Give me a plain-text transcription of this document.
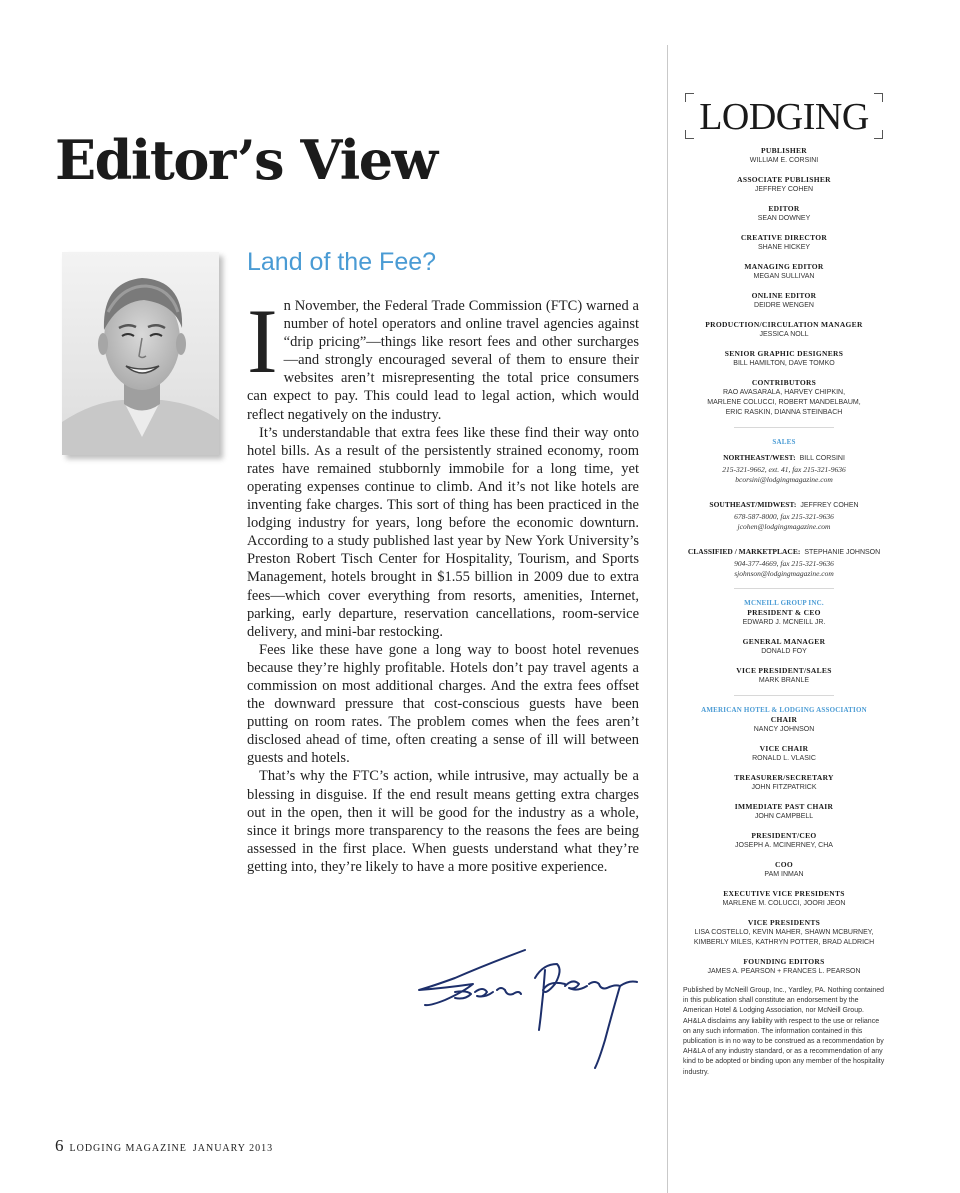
Editor’s View
Land of the Fee?

I n November, the Federal Trade Commission (FTC) warned a number of hotel operators and online travel agencies against “drip pricing”—things like resort fees and other surcharges—and strongly encouraged several of them to ensure their websites aren’t misrepresenting the total price consumers can expect to pay. This could lead to legal action, which would reflect negatively on the industry.

It’s understandable that extra fees like these find their way onto hotel bills. As a result of the persistently strained economy, room rates have remained stubbornly immobile for a long time, yet operating expenses continue to climb. And it’s not like hotels are inventing fake charges. This sort of thing has been practiced in the lodging industry for years, long before the economic downturn. According to a study published last year by New York University’s Preston Robert Tisch Center for Hospitality, Tourism, and Sports Management, hotels brought in $1.55 billion in 2009 due to extra fees—which cover everything from resorts, amenities, Internet, parking, early departure, reservation cancellations, room-service delivery, and mini-bar restocking.

Fees like these have gone a long way to boost hotel revenues because they’re highly profitable. Hotels don’t pay travel agents a commission on most additional charges. And the extra fees offset the downward pressure that cost-conscious guests have been putting on room rates. The problem comes when the fees aren’t disclosed ahead of time, often creating a sense of ill will between guests and hotels.

That’s why the FTC’s action, while intrusive, may actually be a blessing in disguise. If the end result means getting extra charges out in the open, then it will be good for the industry as a whole, since it brings more transparency to the reasons the fees are being assessed in the first place. When guests understand what they’re getting into, they’re likely to have a more positive experience.

6 LODGING MAGAZINE JANUARY 2013
LODGING
PUBLISHER
WILLIAM E. CORSINI
ASSOCIATE PUBLISHER
JEFFREY COHEN
EDITOR
SEAN DOWNEY
CREATIVE DIRECTOR
SHANE HICKEY
MANAGING EDITOR
MEGAN SULLIVAN
ONLINE EDITOR
DEIDRE WENGEN
PRODUCTION/CIRCULATION MANAGER
JESSICA NOLL
SENIOR GRAPHIC DESIGNERS
BILL HAMILTON, DAVE TOMKO
CONTRIBUTORS
RAO AVASARALA, HARVEY CHIPKIN,
MARLENE COLUCCI, ROBERT MANDELBAUM,
ERIC RASKIN, DIANNA STEINBACH
SALES
NORTHEAST/WEST: BILL CORSINI
215-321-9662, ext. 41, fax 215-321-9636
bcorsini@lodgingmagazine.com
SOUTHEAST/MIDWEST: JEFFREY COHEN
678-587-8000, fax 215-321-9636
jcohen@lodgingmagazine.com
CLASSIFIED / MARKETPLACE: STEPHANIE JOHNSON
904-377-4669, fax 215-321-9636
sjohnson@lodgingmagazine.com
MCNEILL GROUP INC.
PRESIDENT & CEO
EDWARD J. MCNEILL JR.
GENERAL MANAGER
DONALD FOY
VICE PRESIDENT/SALES
MARK BRANLE
AMERICAN HOTEL & LODGING ASSOCIATION
CHAIR
NANCY JOHNSON
VICE CHAIR
RONALD L. VLASIC
TREASURER/SECRETARY
JOHN FITZPATRICK
IMMEDIATE PAST CHAIR
JOHN CAMPBELL
PRESIDENT/CEO
JOSEPH A. MCINERNEY, CHA
COO
PAM INMAN
EXECUTIVE VICE PRESIDENTS
MARLENE M. COLUCCI, JOORI JEON
VICE PRESIDENTS
LISA COSTELLO, KEVIN MAHER, SHAWN MCBURNEY,
KIMBERLY MILES, KATHRYN POTTER, BRAD ALDRICH
FOUNDING EDITORS
JAMES A. PEARSON + FRANCES L. PEARSON
Published by McNeill Group, Inc., Yardley, PA. Nothing contained in this publication shall constitute an endorsement by the American Hotel & Lodging Association, nor McNeill Group. AH&LA disclaims any liability with respect to the use or reliance on any such information. The information contained in this publication is in no way to be construed as a recommendation by AH&LA of any industry standard, or as a recommendation of any kind to be adopted or binding upon any member of the hospitality industry.
